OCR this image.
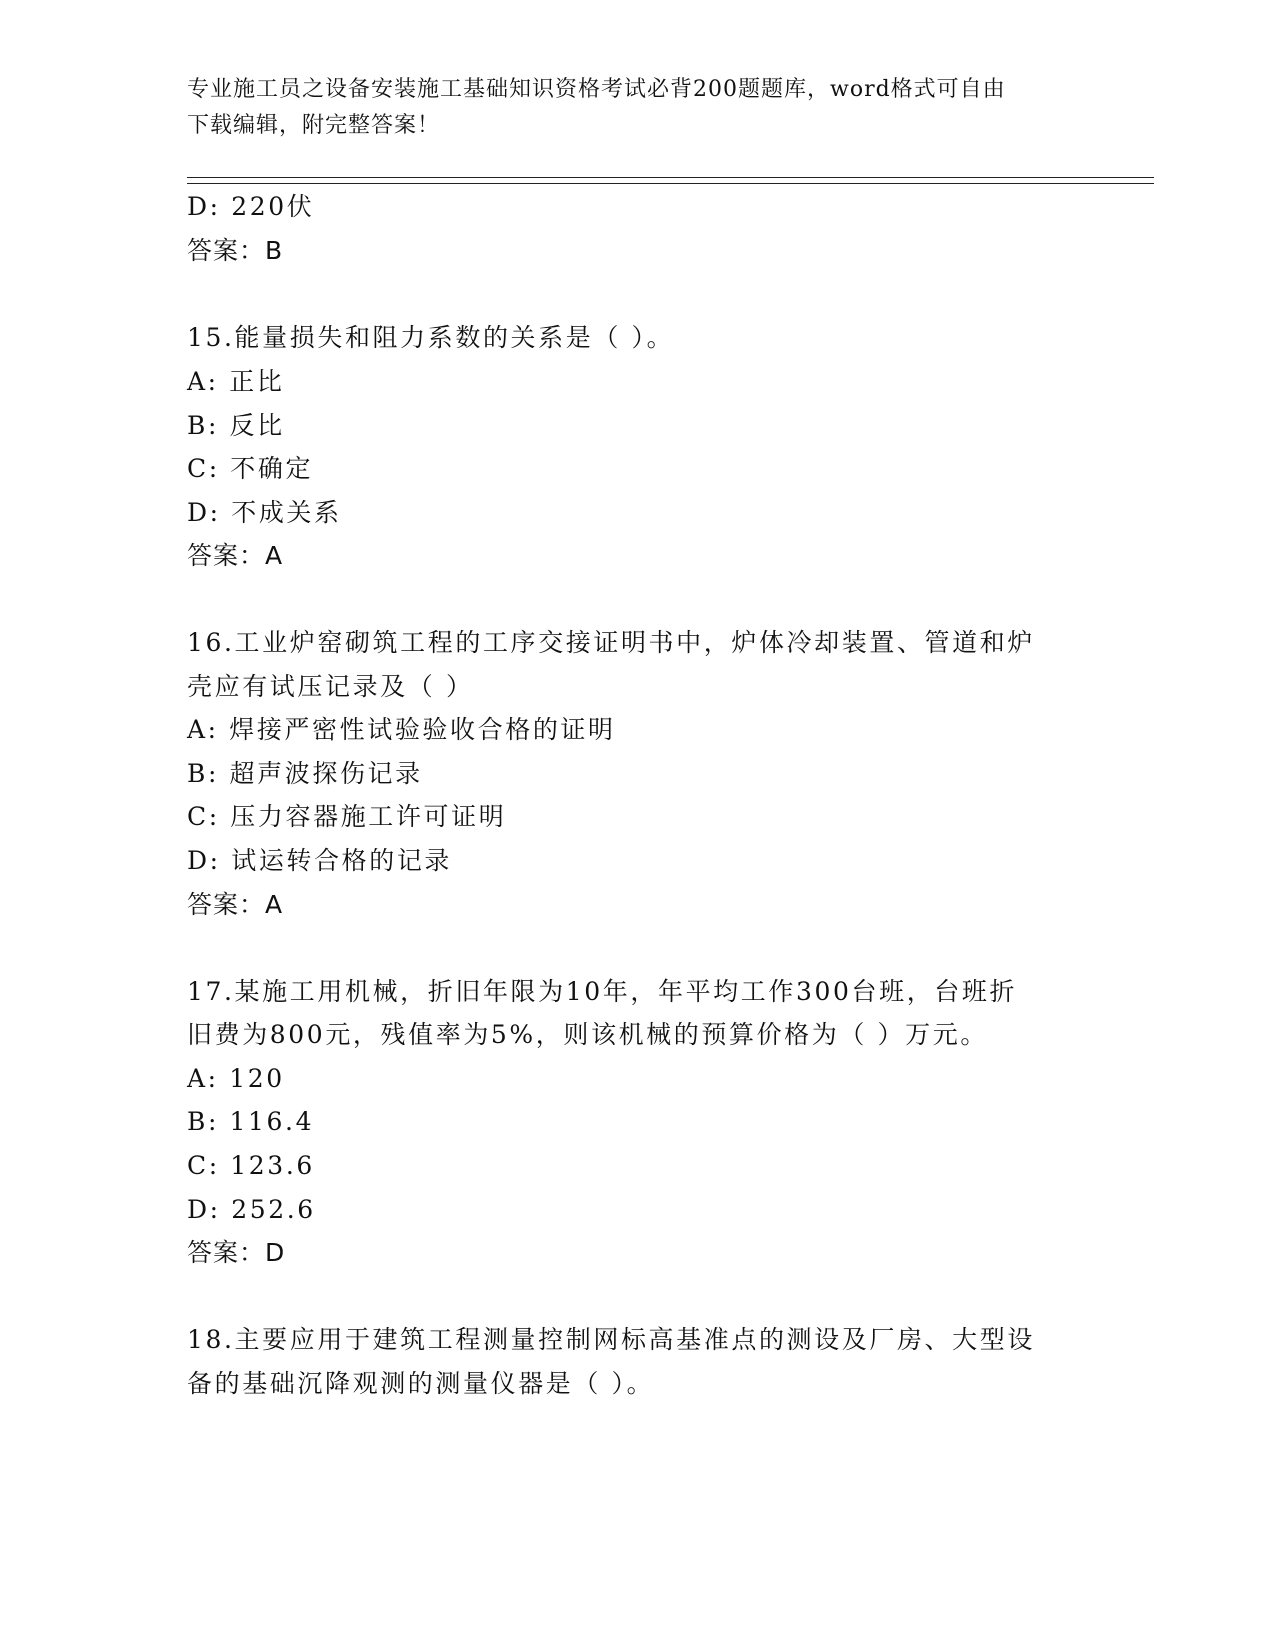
专业施工员之设备安装施工基础知识资格考试必背200题题库，word格式可自由
下载编辑，附完整答案！
D: 220伏
答案：B
15.能量损失和阻力系数的关系是（ ）。
A: 正比
B: 反比
C: 不确定
D: 不成关系
答案：A
16.工业炉窑砌筑工程的工序交接证明书中，炉体冷却装置、管道和炉
壳应有试压记录及（ ）
A: 焊接严密性试验验收合格的证明
B: 超声波探伤记录
C: 压力容器施工许可证明
D: 试运转合格的记录
答案：A
17.某施工用机械，折旧年限为10年，年平均工作300台班，台班折
旧费为800元，残值率为5%，则该机械的预算价格为（ ）万元。
A: 120
B: 116.4
C: 123.6
D: 252.6
答案：D
18.主要应用于建筑工程测量控制网标高基准点的测设及厂房、大型设
备的基础沉降观测的测量仪器是（ ）。
